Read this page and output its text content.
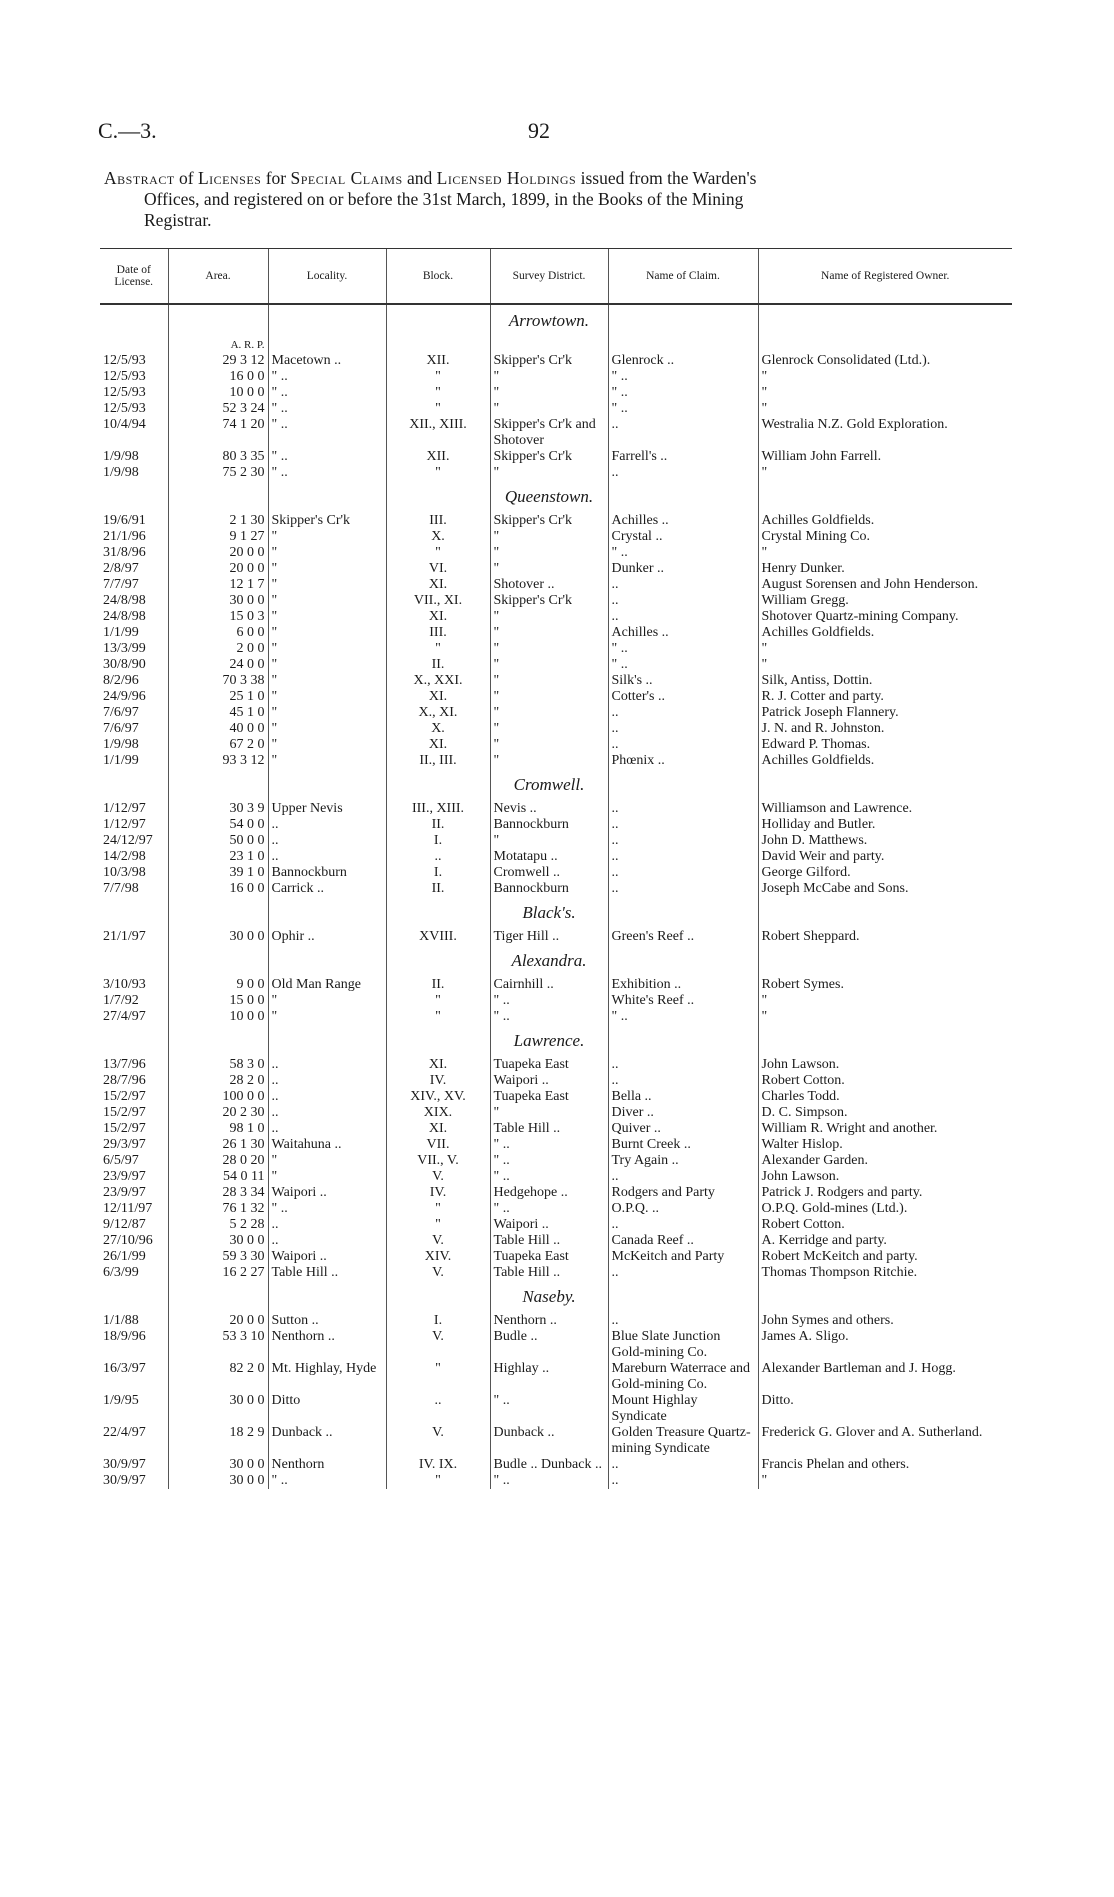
C.—3.	92
Abstract of Licenses for Special Claims and Licensed Holdings issued from the Warden's
Offices, and registered on or before the 31st March, 1899, in the Books of the Mining
Registrar.
Date of License.	Area.	Locality.	Block.	Survey District.	Name of Claim.	Name of Registered Owner.
				Arrowtown.		
	A. R. P.					
12/5/93	29 3 12	Macetown ..	XII.	Skipper's Cr'k	Glenrock ..	Glenrock Consolidated (Ltd.).
12/5/93	16 0 0	" ..	"	"	" ..	"
12/5/93	10 0 0	" ..	"	"	" ..	"
12/5/93	52 3 24	" ..	"	"	" ..	"
10/4/94	74 1 20	" ..	XII., XIII.	Skipper's Cr'k and Shotover	..	Westralia N.Z. Gold Exploration.
1/9/98	80 3 35	" ..	XII.	Skipper's Cr'k	Farrell's ..	William John Farrell.
1/9/98	75 2 30	" ..	"	"	..	"
				Queenstown.		
19/6/91	2 1 30	Skipper's Cr'k	III.	Skipper's Cr'k	Achilles ..	Achilles Goldfields.
21/1/96	9 1 27	"	X.	"	Crystal ..	Crystal Mining Co.
31/8/96	20 0 0	"	"	"	" ..	"
2/8/97	20 0 0	"	VI.	"	Dunker ..	Henry Dunker.
7/7/97	12 1 7	"	XI.	Shotover ..	..	August Sorensen and John Henderson.
24/8/98	30 0 0	"	VII., XI.	Skipper's Cr'k	..	William Gregg.
24/8/98	15 0 3	"	XI.	"	..	Shotover Quartz-mining Company.
1/1/99	6 0 0	"	III.	"	Achilles ..	Achilles Goldfields.
13/3/99	2 0 0	"	"	"	" ..	"
30/8/90	24 0 0	"	II.	"	" ..	"
8/2/96	70 3 38	"	X., XXI.	"	Silk's ..	Silk, Antiss, Dottin.
24/9/96	25 1 0	"	XI.	"	Cotter's ..	R. J. Cotter and party.
7/6/97	45 1 0	"	X., XI.	"	..	Patrick Joseph Flannery.
7/6/97	40 0 0	"	X.	"	..	J. N. and R. Johnston.
1/9/98	67 2 0	"	XI.	"	..	Edward P. Thomas.
1/1/99	93 3 12	"	II., III.	"	Phœnix ..	Achilles Goldfields.
				Cromwell.		
1/12/97	30 3 9	Upper Nevis	III., XIII.	Nevis ..	..	Williamson and Lawrence.
1/12/97	54 0 0	..	II.	Bannockburn	..	Holliday and Butler.
24/12/97	50 0 0	..	I.	"	..	John D. Matthews.
14/2/98	23 1 0	..	..	Motatapu ..	..	David Weir and party.
10/3/98	39 1 0	Bannockburn	I.	Cromwell ..	..	George Gilford.
7/7/98	16 0 0	Carrick ..	II.	Bannockburn	..	Joseph McCabe and Sons.
				Black's.		
21/1/97	30 0 0	Ophir ..	XVIII.	Tiger Hill ..	Green's Reef ..	Robert Sheppard.
				Alexandra.		
3/10/93	9 0 0	Old Man Range	II.	Cairnhill ..	Exhibition ..	Robert Symes.
1/7/92	15 0 0	"	"	" ..	White's Reef ..	"
27/4/97	10 0 0	"	"	" ..	" ..	"
				Lawrence.		
13/7/96	58 3 0	..	XI.	Tuapeka East	..	John Lawson.
28/7/96	28 2 0	..	IV.	Waipori ..	..	Robert Cotton.
15/2/97	100 0 0	..	XIV., XV.	Tuapeka East	Bella ..	Charles Todd.
15/2/97	20 2 30	..	XIX.	"	Diver ..	D. C. Simpson.
15/2/97	98 1 0	..	XI.	Table Hill ..	Quiver ..	William R. Wright and another.
29/3/97	26 1 30	Waitahuna ..	VII.	" ..	Burnt Creek ..	Walter Hislop.
6/5/97	28 0 20	"	VII., V.	" ..	Try Again ..	Alexander Garden.
23/9/97	54 0 11	"	V.	" ..	..	John Lawson.
23/9/97	28 3 34	Waipori ..	IV.	Hedgehope ..	Rodgers and Party	Patrick J. Rodgers and party.
12/11/97	76 1 32	" ..	"	" ..	O.P.Q. ..	O.P.Q. Gold-mines (Ltd.).
9/12/87	5 2 28	..	"	Waipori ..	..	Robert Cotton.
27/10/96	30 0 0	..	V.	Table Hill ..	Canada Reef ..	A. Kerridge and party.
26/1/99	59 3 30	Waipori ..	XIV.	Tuapeka East	McKeitch and Party	Robert McKeitch and party.
6/3/99	16 2 27	Table Hill ..	V.	Table Hill ..	..	Thomas Thompson Ritchie.
				Naseby.		
1/1/88	20 0 0	Sutton ..	I.	Nenthorn ..	..	John Symes and others.
18/9/96	53 3 10	Nenthorn ..	V.	Budle ..	Blue Slate Junction Gold-mining Co.	James A. Sligo.
16/3/97	82 2 0	Mt. Highlay, Hyde	"	Highlay ..	Mareburn Waterrace and Gold-mining Co.	Alexander Bartleman and J. Hogg.
1/9/95	30 0 0	Ditto	..	" ..	Mount Highlay Syndicate	Ditto.
22/4/97	18 2 9	Dunback ..	V.	Dunback ..	Golden Treasure Quartz-mining Syndicate	Frederick G. Glover and A. Sutherland.
30/9/97	30 0 0	Nenthorn	IV. IX.	Budle .. Dunback ..	..	Francis Phelan and others.
30/9/97	30 0 0	" ..	"	" ..	..	"
